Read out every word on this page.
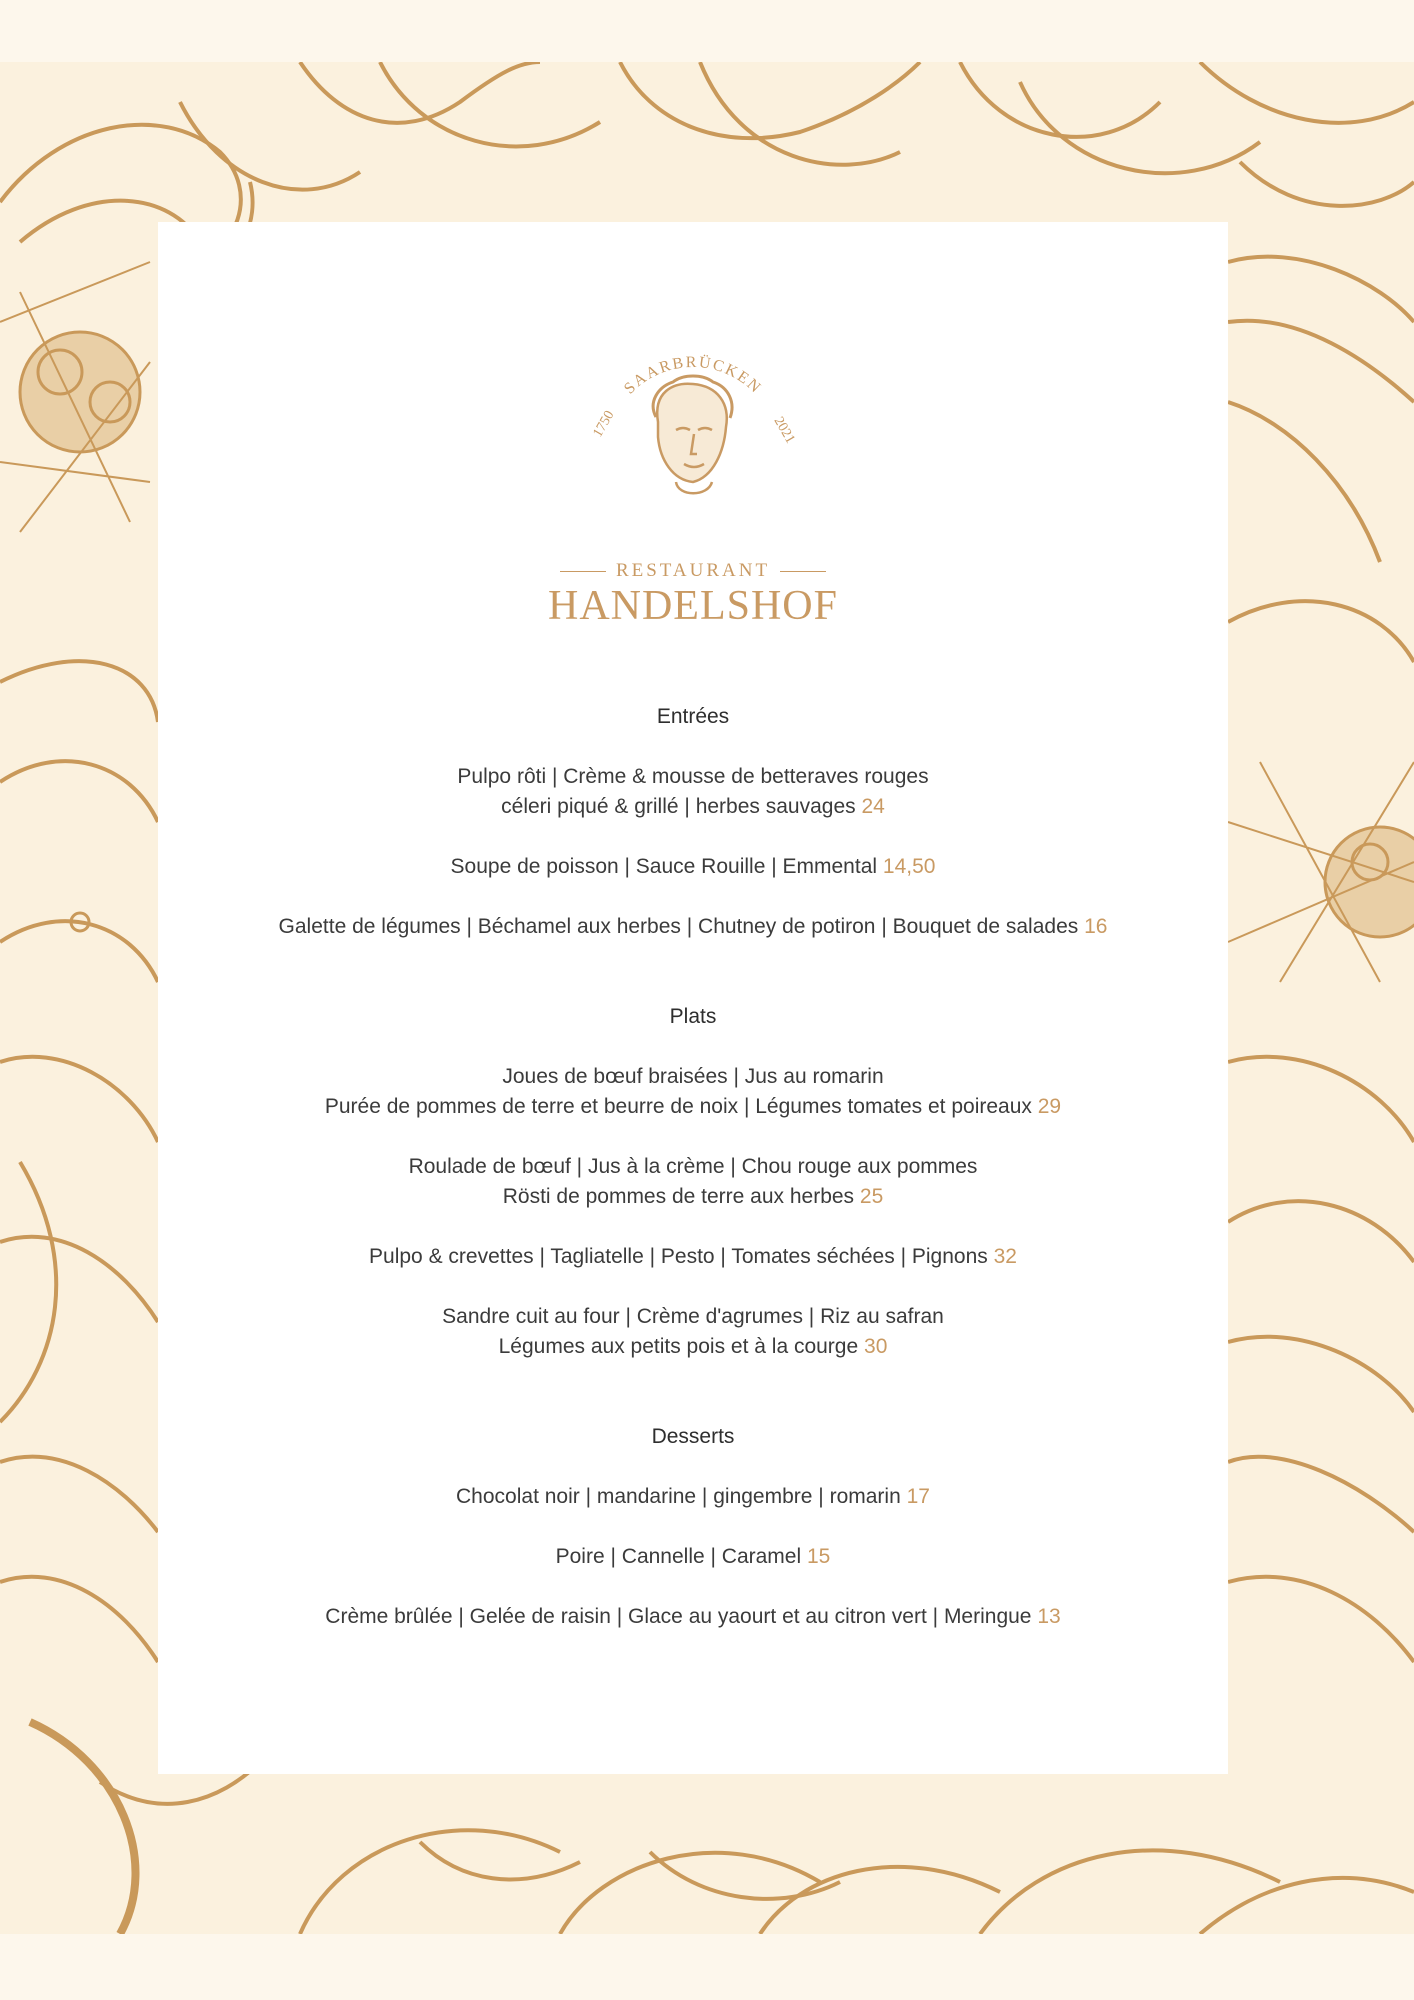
SAARBRÜCKEN
1750	2021
RESTAURANT
HANDELSHOF
Entrées

Pulpo rôti | Crème & mousse de betteraves rouges

céleri piqué & grillé | herbes sauvages 24

Soupe de poisson | Sauce Rouille | Emmental 14,50

Galette de légumes | Béchamel aux herbes | Chutney de potiron | Bouquet de salades 16

Plats

Joues de bœuf braisées | Jus au romarin

Purée de pommes de terre et beurre de noix | Légumes tomates et poireaux 29

Roulade de bœuf | Jus à la crème | Chou rouge aux pommes

Rösti de pommes de terre aux herbes 25

Pulpo & crevettes | Tagliatelle | Pesto | Tomates séchées | Pignons 32

Sandre cuit au four | Crème d'agrumes | Riz au safran

Légumes aux petits pois et à la courge 30

Desserts

Chocolat noir | mandarine | gingembre | romarin 17

Poire | Cannelle | Caramel 15

Crème brûlée | Gelée de raisin | Glace au yaourt et au citron vert | Meringue 13
